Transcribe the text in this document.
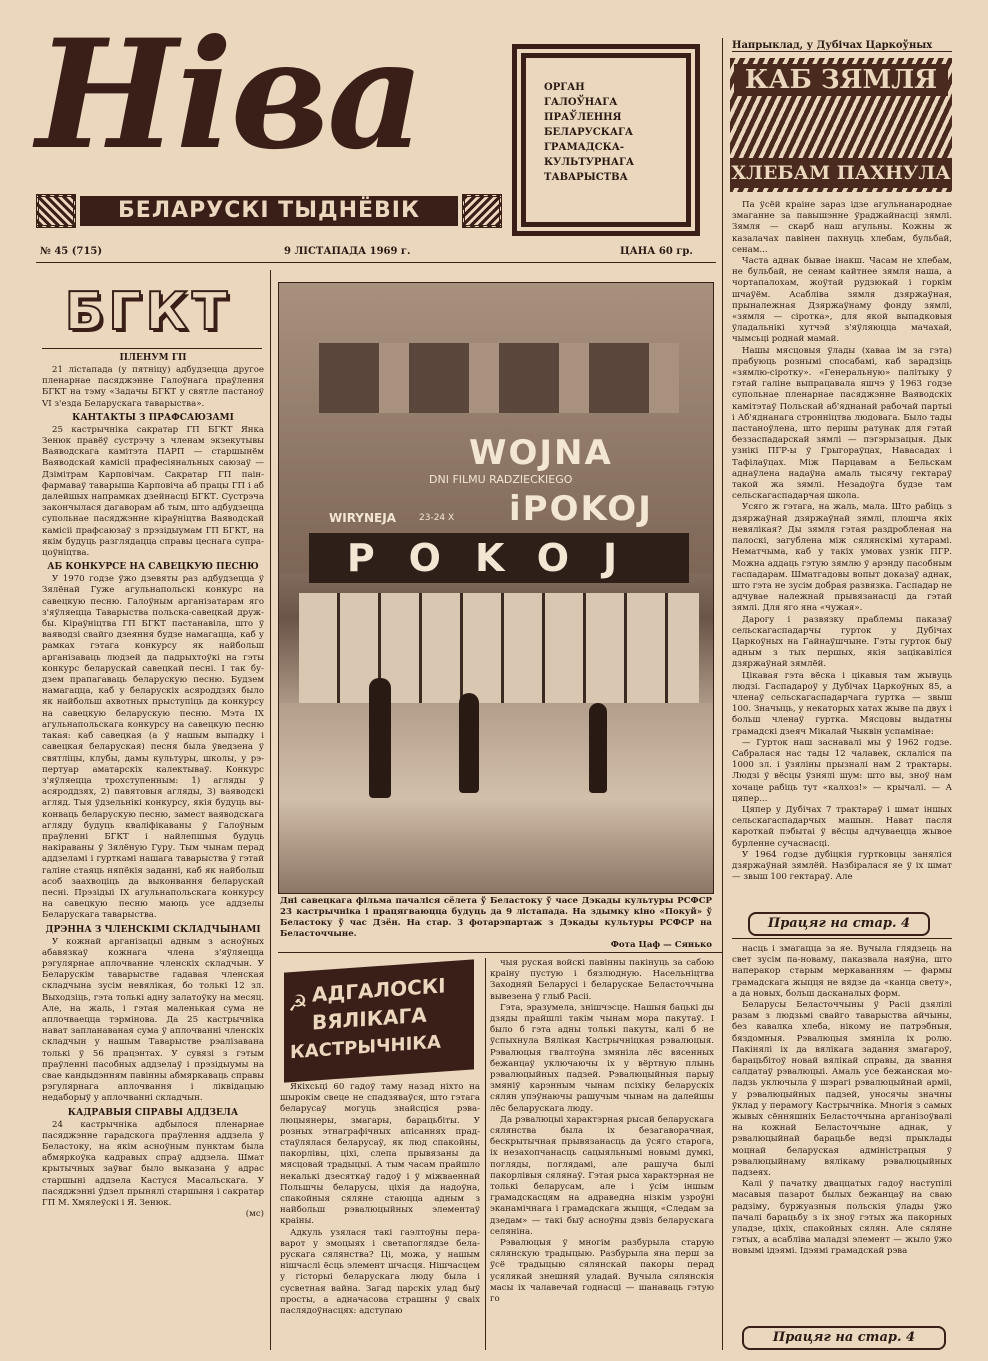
Ніва
БЕЛАРУСКІ ТЫДНЁВІК
ОРГАН
ГАЛОЎНАГА
ПРАЎЛЕННЯ
БЕЛАРУСКАГА
ГРАМАДСКА-
КУЛЬТУРНАГА
ТАВАРЫСТВА
№ 45 (715)	9 ЛІСТАПАДА 1969 г.	ЦАНА 60 гр.
Напрыклад, у Дубічах Царкоўных
КАБ ЗЯМЛЯ
ХЛЕБАМ ПАХНУЛА

Па ўсёй краіне зараз ідзе агульнанароднае змаганне за павышэнне ўраджайнасці зямлі. Зямля — скарб наш агульны. Кожны ж казалачах павінен пахнуць хлебам, бульбай, сенам...

Часта аднак бывае інакш. Часам не хлебам, не бульбай, не сенам кайтнее зямля наша, а чортапалохам, жоўтай рудзюкай і горкім шчаўём. Асаблівa зямля дзяржаўная, прыналежная Дзяржаўнаму фонду зямлі, «зямля — сіротка», для якой выпадковыя ўладальнікі хутчэй з'яўляюцца мачахай, чымсьці роднай мамай.

Нашы мясцовыя ўлады (хаваа ім за гэта) прабуюць рознымі спосабамі, каб зарадзіць «зямлю-сіротку». «Генеральную» палітыку ў гэтай галіне выпрацавала яшчэ ў 1963 годзе супольнае пленарнае пасяджэнне Ваяводскіх камітэтаў Польскай аб'яднанай рабочай партыі і Аб'яднанага стронніцтва людовага. Было тады пастаноўлена, што першы ратунак для гэтай беззаспадарскай зямлі — пэгэрызацыя. Дык узнікі ПГР-ы ў Грыгораўцах, Навасадах і Тафілаўцах. Між Парцавам а Бельскам аднаўлена надаўна амаль тысячу гектараў такой жа зямлі. Незадоўга будзе там сельскагаспадарчая школа.

Усяго ж гэтага, на жаль, мала. Што рабіць з дзяржаўнай дзяржаўнай зямлі, плошча якіх невялікая? Ды зямля гэтая раздробленая на палоскі, загублена між сялянскімі хутарамі. Нематчыма, каб у такіх умовах узнік ПГР. Можна аддаць гэтую зямлю ў арэнду пасобным гаспадарам. Шматгадовы вопыт доказаў аднак, што гэта не зусім добрая развязка. Гаспадар не адчувае належнай прывязанасці да гэтай зямлі. Для яго яна «чужая».

Дарогу і развязку праблемы паказаў сельскагаспадарчы гурток у Дубічах Царкоўных на Гайнаўшчыне. Гэты гурток быў адным з тых першых, якія зацікавіліся дзяржаўнай зямлёй.

Цікавая гэта вёска і цікавыя там жывуць людзі. Гаспадароў у Дубічах Царкоўных 85, а членаў сельскагаспадарчага гуртка — звыш 100. Значыць, у некаторых хатах жыве па двух і больш членаў гуртка. Мясцовы выдатны грамадскі дзеяч Мікалай Чыквін успамінае:

— Гурток наш заснавалі мы ў 1962 годзе. Сабралася нас тады 12 чалавек, склаліся па 1000 зл. і ўзяліны прызналі нам 2 трактары. Людзі ў вёсцы ўзнялі шум: што вы, зноў нам хочаце рабіць тут «калхоз!» — крычалі. — А цяпер...

Цяпер у Дубічах 7 трактараў і шмат іншых сельскагаспадарчых машын. Нават пасля кароткай пэбытаі ў вёсцы адчуваецца жывое бурленне сучаснасці.

У 1964 годзе дубіцкія гуртковцы заняліся дзяржаўнай зямлёй. Назбіралася яе ў іх шмат — звыш 100 гектараў. Але

Працяг на стар. 4
БГКТ
ПЛЕНУМ ГП

21 лістапада (у пятніцу) адбудзецца другое пленарнае пасяджэнне Галоўнага праўлення БГКТ на тэму «Задачы БГКТ у святле пастаноў VI з'езда Беларускага таварыства».

КАНТАКТЫ З ПРАФСАЮЗАМІ

25 кастрычніка сакратар ГП БГКТ Янка Зенюк правёў сустрэчу з членам экзекутывы Ваяводскага камітэта ПАРП — старшынём Ваяводскай камісіі прафесіянальных саюзаў — Дзімітрам Карповічам. Сакратар ГП паінфармаваў таварыша Карповіча аб працы ГП і аб далейшых напрамках дзейнасці БГКТ. Сустрэча закончылася дагаворам аб тым, што адбудзецца супольнае пасяджэнне кіраўніцтва Ваяводскай камісіі прафсаюзаў з прэзідыумам ГП БГКТ, на якім будуць разглядацца справы цеснага супрацоўніцтва.

АБ КОНКУРСЕ НА САВЕЦКУЮ ПЕСНЮ

У 1970 годзе ўжо дзевяты раз адбудзецца ў Зялёнай Гуже агульнапольскі конкурс на савецкую песню. Галоўным арганізатарам яго з'яўляецца Таварыства польска-савецкай дружбы. Кіраўніцтва ГП БГКТ пастанавіла, што ў ваяводзі свайго дзеяння будзе намагацца, каб у рамках гэтага конкурсу як найбольш арганізаваць людзей да падрыхтоўкі на гэты конкурс беларускай савецкай песні. І так будзем прапагаваць беларускую песню. Будзем намагацца, каб у беларускіх асяроддзях было як найбольш ахвотных прыступіць да конкурсу на савецкую беларускую песню. Мэта IX агульнапольскага конкурсу на савецкую песню такая: каб савецкая (а ў нашым выпадку і савецкая беларуская) песня была ўведзена ў святліцы, клубы, дамы культуры, школы, у рэпертуар аматарскіх калектываў. Конкурс з'яўляецца трохступенным: 1) агляды ў асяроддзях, 2) павятовыя агляды, 3) ваяводскі агляд. Тыя ўдзельнікі конкурсу, якія будуць выконваць беларускую песню, замест ваяводскага агляду будуць кваліфікаваны ў Галоўным праўленні БГКТ і найлепшыя будуць накіраваны ў Зялёную Гуру. Тым чынам перад аддзеламі і гурткамі нашага таварыства ў гэтай галіне стаяць няпёкія заданні, каб як найбольш асоб заахвоціць да выконвання беларускай песні. Прэзідыі IX агульнапольскага конкурсу на савецкую песню маюць усе аддзелы Беларускага таварыства.

ДРЭННА З ЧЛЕНСКІМІ СКЛАДЧЫНАМІ

У кожнай арганізацыі адным з асноўных абавязкаў кожнага члена з'яўляецца рэгулярнае аплочванне членскіх складчын. У Беларускім таварыстве гадавая членская складчына зусім невялікая, бо толькі 12 зл. Выходзіць, гэта толькі адну залатоўку на месяц. Але, на жаль, і гэтая маленькая сума не аплочваецца тэрмінова. Да 25 кастрычніка нават запланаваная сума ў аплочванні членскіх складчын у нашым Таварыстве рэалізавана толькі ў 56 працэнтах. У сувязі з гэтым праўленні пасобных аддзелаў і прэзідыумы на свае кандыдэнням павінны абмяркаваць справы рэгулярнага аплочвання і ліквідацыю недаборыў у аплочванні складчын.

КАДРАВЫЯ СПРАВЫ АДДЗЕЛА

24 кастрычніка адбылося пленарнае пасяджэнне гарадскога праўлення аддзела ў Беластоку, на якім асноўным пунктам была абмяркоўка кадравых спраў аддзела. Шмат крытычных заўваг было выказана ў адрас старшыні аддзела Кастуся Масальскага. У пасяджэнні ўдзел прынялі старшыня і сакратар ГП М. Хмялеўскі і Я. Зенюк.

(мс)
WOJNA
DNI FILMU RADZIECKIEGO
iPOKOJ
WIRYNEJA	23-24 X
POKOJ
Дні савецкага фільма пачаліся сёлета ў Беластоку ў часе Дэкады культуры РСФСР 23 кастрычніка і працягваюцца будуць да 9 лістапада. На здымку кіно «Покуй» ў Беластоку ў час Дзён. На стар. 3 фотарэпартаж з Дэкады культуры РСФСР на Беласточчыне.
Фота Цаф — Сянько
☭ АДГАЛОСКІ
ВЯЛІКАГА
КАСТРЫЧНІКА

Якіхсьці 60 гадоў таму назад ніхто на шырокім свеце не спадзяваўся, што гэтага беларусаў могуць знайсціся рэвалюцыянеры, змагары, барацьбіты. У розных этнаграфічных апісаннях прадстаўлялася беларусаў, як люд спакойны, пакорлівы, ціхі, слепа прывязаны да мясцовай традыцыі. А тым часам прайшло некалькі дзесяткаў гадоў і ў міжваеннай Польшчы беларусы, ціхія да надоўна, спакойныя сяляне стаюцца адным з найбольш рэвалюцыйных элементаў краіны.

Адкуль узялася такі гаэлтоўны пераварот у эмоцыях і светапоглядзе беларускага сялянства? Ці, можа, у нашым нішчаслі ёсць элемент шчасця. Нішчасцем у гісторыі беларускага люду была і сусветная вайна. Загад царскіх улад быў просты, а адначасова страшны ў сваіх паслядоўнасцях: адступаю

чыя руская войскі павінны пакінуць за сабою краіну пустую і бязлюдную. Насельніцтва Заходняй Беларусі і беларускае Беласточчына вывезена ў глыб Расіі.

Гэта, эразумела, знішчэсце. Нашыя бацькі ды дзяды прайшлі такім чынам мора пакутаў. І было б гэта адны толькі пакуты, калі б не ўспыхнула Вялікая Кастрычніцкая рэвалюцыя. Рэвалюцыя гвалтоўна змяніла лёс вясенных бежанцаў уключаючы іх у вёртную плынь рэвалюцыйных падзей. Рэвалюцыйныя парыў змяніў карэнным чынам псіхіку беларускіх сялян упэўнаючы рашучым чынам на далейшы лёс беларускага люду.

Да рэвалюцыі характэрная рысай беларускага сялянства была іх безагаворачная, бескрытычная прывязанасць да ўсяго старога, іх незахопчанасць сацыяльнымі новымі думкі, погляды, поглядамі, але рашуча былі пакорлівыя сялянаў. Гэтая рыса характэрная не толькі беларусам, але і ўсім іншым грамадскасцям на адраведна нізкім узроўні эканамічнага і грамадскага жыцця, «Следам за дзедам» — такі быў асноўны дэвіз беларускага селяніна.

Рэвалюцыя ў многім разбурыла старую сялянскую традыцыю. Разбурыла яна перш за ўсё традыцыю сялянскай пакоры перад усялякай знешняй уладай. Вучыла сялянскія масы іх чалавечай годнасці — шанаваць гэтую го

насць і змагацца за яе. Вучыла глядзець на свет зусім па-новаму, паказвала наяўна, што наперакор старым меркаванням — фармы грамадскага жыцця не вядзе да «канца свету», а да новых, больш дасканалых форм.

Беларусы Беласточчыны ў Расіі дзялілі разам з людзьмі свайго таварыства айчыны, без кавалка хлеба, нікому не патрэбныя, бяздомныя. Рэвалюцыя змяніла іх ролю. Пакінялі іх да вялікага задання змагароў, барацьбітоў новай вялікай справы, да звання салдатаў рэвалюцыі. Амаль усе бежанская моладзь уключыла ў шэрагі рэвалюцыйнай армii, у рэвалюцыйных падзей, уносячы значны ўклад у перамогу Кастрычніка. Многія з самых жывых сённяшніх Беласточчына арганізоўвалі на кожнай Беласточчыне аднак, у рэвалюцыйнай барацьбе ведзі прыклады моцнай беларуская адміністрацыя ў рэвалюцыйнаму вялікаму рэвалюцыйных падзеях.

Калі ў пачатку дваццатых гадоў наступілі масавыя пазарот былых бежанцаў на сваю радзіму, буржуазныя польскія ўлады ўжо пачалі барацьбу з іх зноў гэтых жа пакорных уладзе, ціхіх, спакойных сялян. Але сяляне гэтых, а асабліва маладзі элемент — жыло ўжо новымі ідэямі. Ідэямі грамадскай рэва

Працяг на стар. 4
